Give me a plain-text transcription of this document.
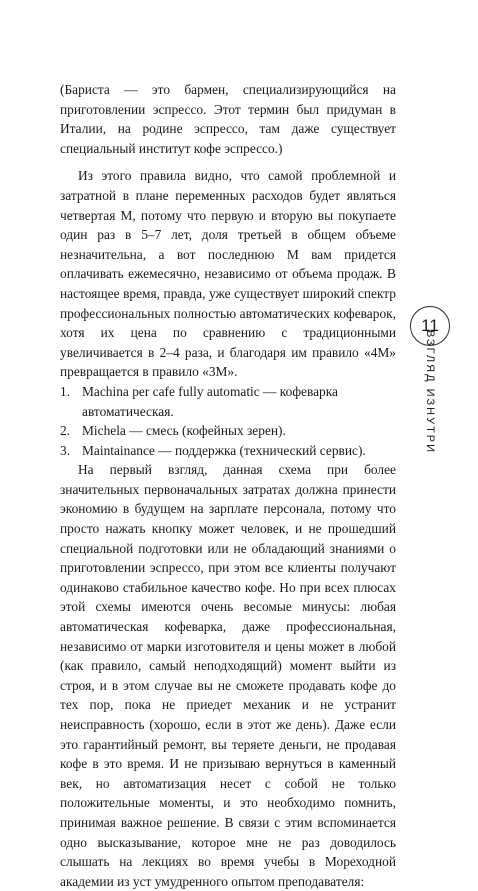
(Бариста — это бармен, специализирующийся на приготовлении эспрессо. Этот термин был придуман в Италии, на родине эспрессо, там даже существует специальный институт кофе эспрессо.)

Из этого правила видно, что самой проблемной и затратной в плане переменных расходов будет являться четвертая М, потому что первую и вторую вы покупаете один раз в 5–7 лет, доля третьей в общем объеме незначительна, а вот последнюю М вам придется оплачивать ежемесячно, независимо от объема продаж. В настоящее время, правда, уже существует широкий спектр профессиональных полностью автоматических кофеварок, хотя их цена по сравнению с традиционными увеличивается в 2–4 раза, и благодаря им правило «4М» превращается в правило «3М».

1. Machina per cafe fully automatic — кофеварка автоматическая.
2. Michela — смесь (кофейных зерен).
3. Maintainance — поддержка (технический сервис).

На первый взгляд, данная схема при более значительных первоначальных затратах должна принести экономию в будущем на зарплате персонала, потому что просто нажать кнопку может человек, и не прошедший специальной подготовки или не обладающий знаниями о приготовлении эспрессо, при этом все клиенты получают одинаково стабильное качество кофе. Но при всех плюсах этой схемы имеются очень весомые минусы: любая автоматическая кофеварка, даже профессиональная, независимо от марки изготовителя и цены может в любой (как правило, самый неподходящий) момент выйти из строя, и в этом случае вы не сможете продавать кофе до тех пор, пока не приедет механик и не устранит неисправность (хорошо, если в этот же день). Даже если это гарантийный ремонт, вы теряете деньги, не продавая кофе в это время. И не призываю вернуться в каменный век, но автоматизация несет с собой не только положительные моменты, и это необходимо помнить, принимая важное решение. В связи с этим вспоминается одно высказывание, которое мне не раз доводилось слышать на лекциях во время учебы в Мореходной академии из уст умудренного опытом преподавателя:

11
ВЗГЛЯД ИЗНУТРИ
